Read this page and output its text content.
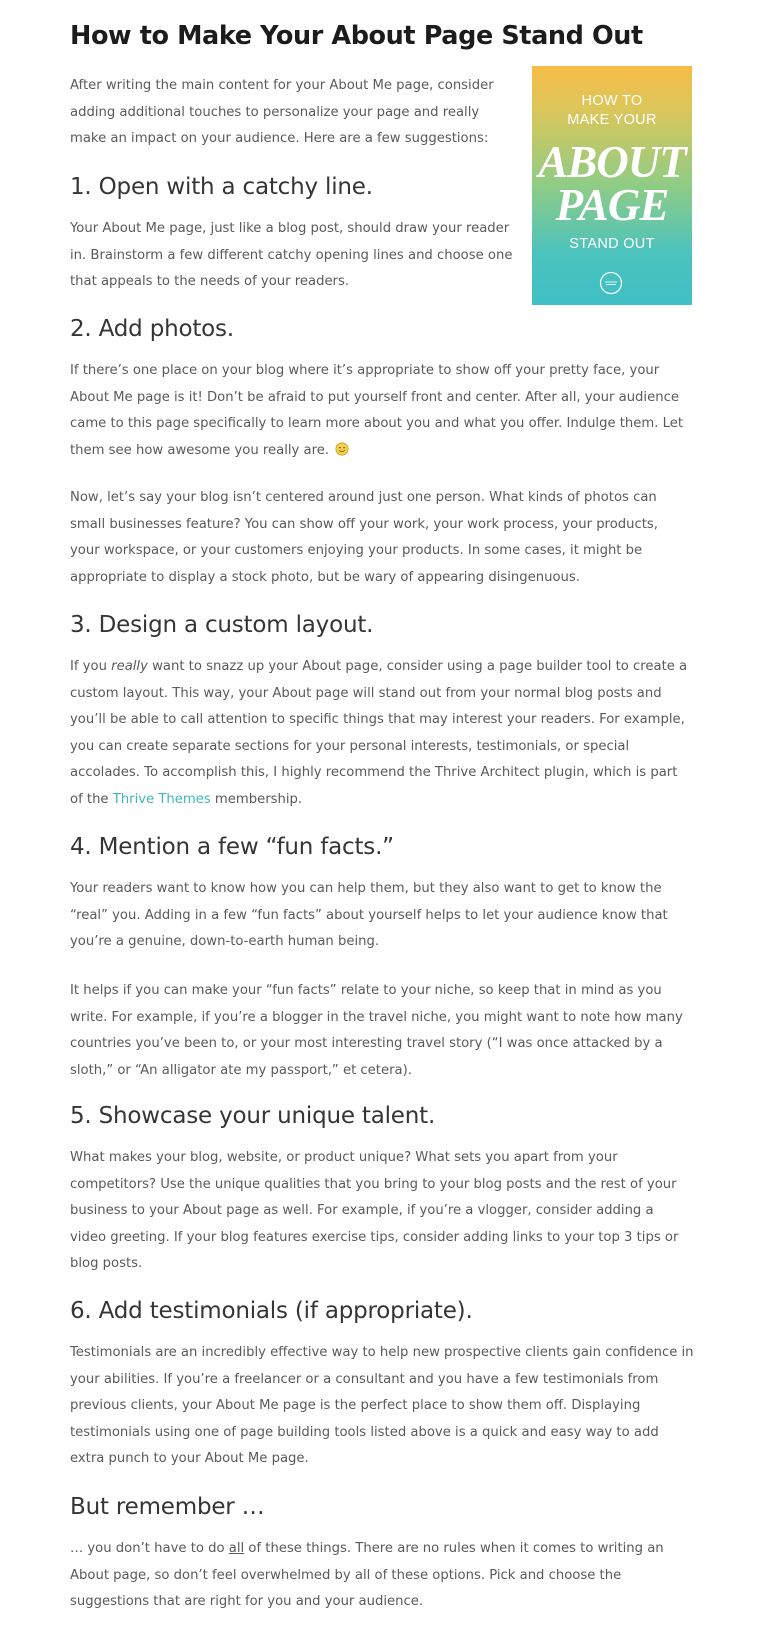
How to Make Your About Page Stand Out
HOW TO
MAKE YOUR
ABOUT
PAGE
STAND OUT

After writing the main content for your About Me page, consider
adding additional touches to personalize your page and really
make an impact on your audience. Here are a few suggestions:

1. Open with a catchy line.

Your About Me page, just like a blog post, should draw your reader
in. Brainstorm a few different catchy opening lines and choose one
that appeals to the needs of your readers.

2. Add photos.

If there’s one place on your blog where it’s appropriate to show off your pretty face, your About Me page is it! Don’t be afraid to put yourself front and center. After all, your audience came to this page specifically to learn more about you and what you offer. Indulge them. Let them see how awesome you really are.

Now, let’s say your blog isn’t centered around just one person. What kinds of photos can small businesses feature? You can show off your work, your work process, your products, your workspace, or your customers enjoying your products. In some cases, it might be appropriate to display a stock photo, but be wary of appearing disingenuous.

3. Design a custom layout.

If you really want to snazz up your About page, consider using a page builder tool to create a custom layout. This way, your About page will stand out from your normal blog posts and you’ll be able to call attention to specific things that may interest your readers. For example, you can create separate sections for your personal interests, testimonials, or special accolades. To accomplish this, I highly recommend the Thrive Architect plugin, which is part of the Thrive Themes membership.

4. Mention a few “fun facts.”

Your readers want to know how you can help them, but they also want to get to know the “real” you. Adding in a few “fun facts” about yourself helps to let your audience know that you’re a genuine, down-to-earth human being.

It helps if you can make your “fun facts” relate to your niche, so keep that in mind as you write. For example, if you’re a blogger in the travel niche, you might want to note how many countries you’ve been to, or your most interesting travel story (“I was once attacked by a sloth,” or “An alligator ate my passport,” et cetera).

5. Showcase your unique talent.

What makes your blog, website, or product unique? What sets you apart from your competitors? Use the unique qualities that you bring to your blog posts and the rest of your business to your About page as well. For example, if you’re a vlogger, consider adding a video greeting. If your blog features exercise tips, consider adding links to your top 3 tips or blog posts.

6. Add testimonials (if appropriate).

Testimonials are an incredibly effective way to help new prospective clients gain confidence in your abilities. If you’re a freelancer or a consultant and you have a few testimonials from previous clients, your About Me page is the perfect place to show them off. Displaying testimonials using one of page building tools listed above is a quick and easy way to add extra punch to your About Me page.

But remember …

… you don’t have to do all of these things. There are no rules when it comes to writing an About page, so don’t feel overwhelmed by all of these options. Pick and choose the suggestions that are right for you and your audience.
